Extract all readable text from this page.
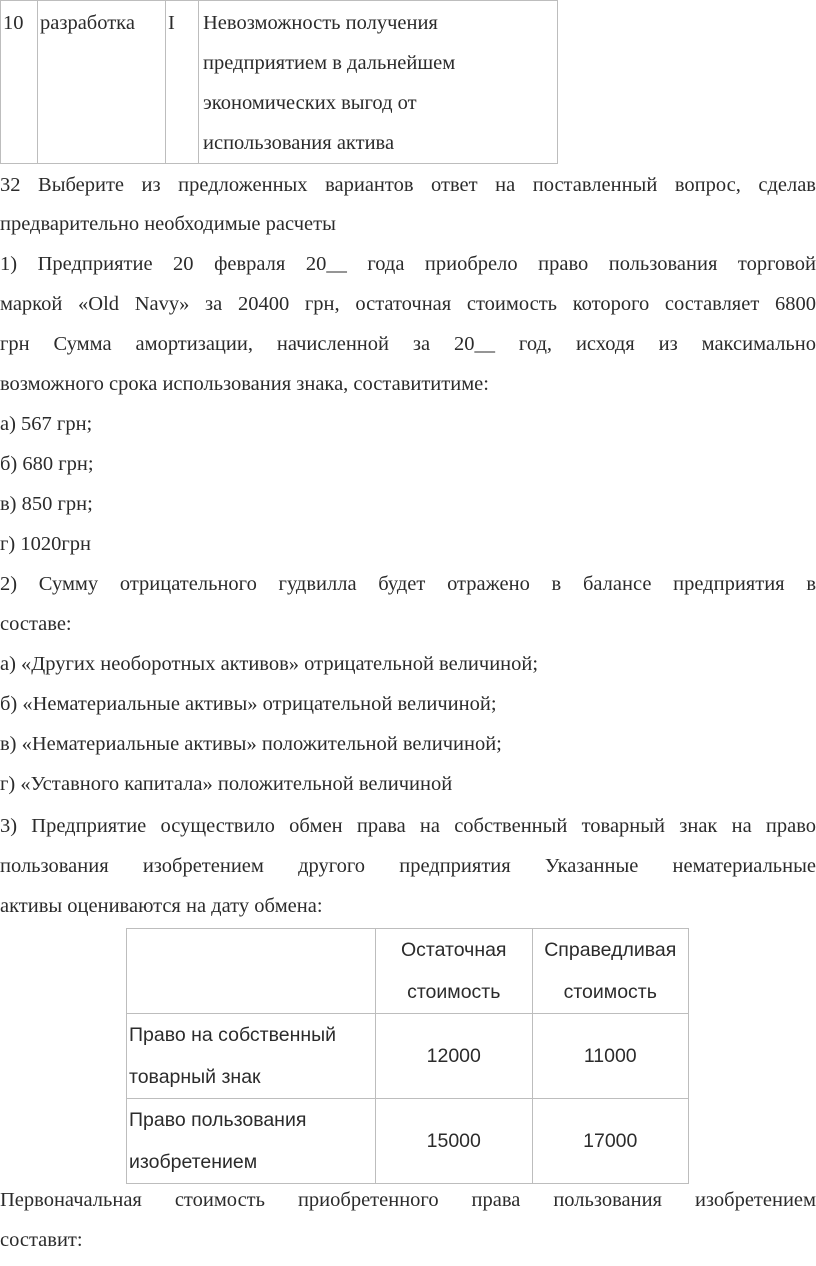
10	разработка	I	Невозможность получения
предприятием в дальнейшем
экономических выгод от
использования актива

32 Выберите из предложенных вариантов ответ на поставленный вопрос, сделав

предварительно необходимые расчеты

1) Предприятие 20 февраля 20__ года приобрело право пользования торговой

маркой «Old Navy» за 20400 грн, остаточная стоимость которого составляет 6800

грн Сумма амортизации, начисленной за 20__ год, исходя из максимально

возможного срока использования знака, составититиме:

а) 567 грн;

б) 680 грн;

в) 850 грн;

г) 1020грн

2) Сумму отрицательного гудвилла будет отражено в балансе предприятия в

составе:

а) «Других необоротных активов» отрицательной величиной;

б) «Нематериальные активы» отрицательной величиной;

в) «Нематериальные активы» положительной величиной;

г) «Уставного капитала» положительной величиной

3) Предприятие осуществило обмен права на собственный товарный знак на право

пользования изобретением другого предприятия Указанные нематериальные

активы оцениваются на дату обмена:

	Остаточная стоимость	Справедливая стоимость
Право на собственный товарный знак	12000	11000
Право пользования изобретением	15000	17000

Первоначальная стоимость приобретенного права пользования изобретением

составит:
